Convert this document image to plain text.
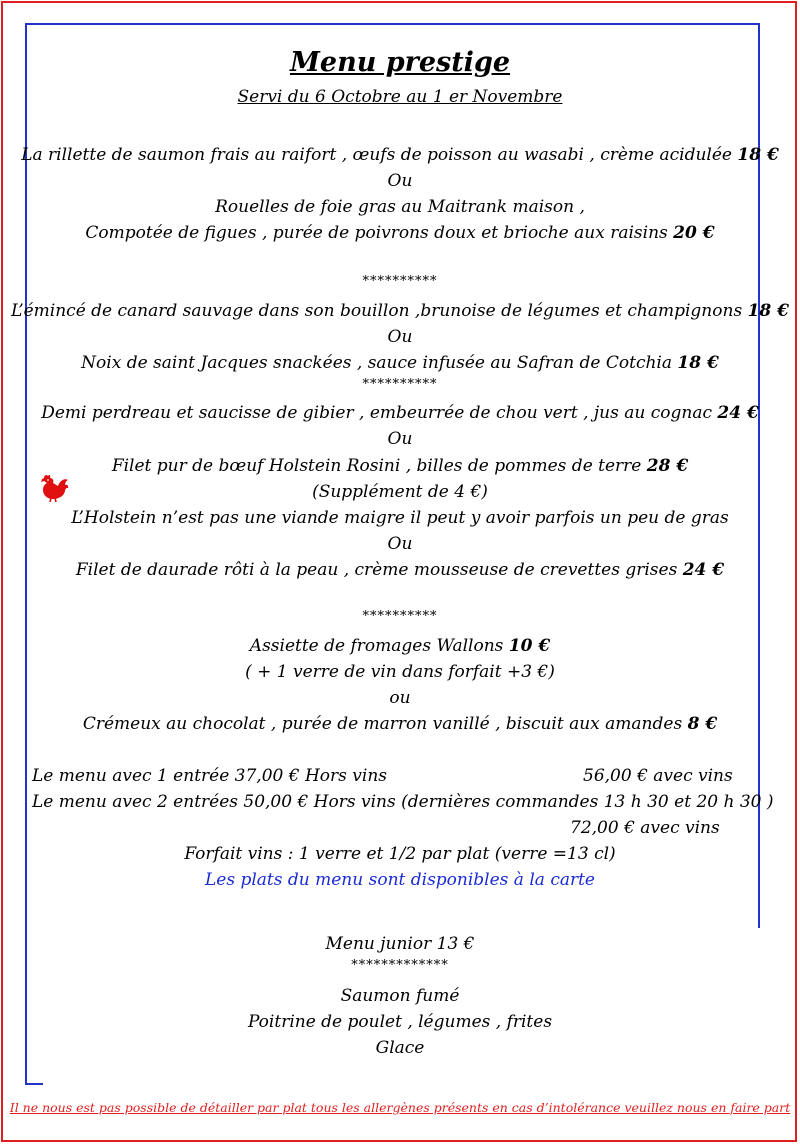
Menu prestige
Servi du 6 Octobre au 1 er Novembre
La rillette de saumon frais au raifort , œufs de poisson au wasabi , crème acidulée 18 €
Ou
Rouelles de foie gras au Maitrank maison ,
Compotée de figues , purée de poivrons doux et brioche aux raisins 20 €
**********
L’émincé de canard sauvage dans son bouillon ,brunoise de légumes et champignons 18 €
Ou
Noix de saint Jacques snackées , sauce infusée au Safran de Cotchia 18 €
**********
Demi perdreau et saucisse de gibier , embeurrée de chou vert , jus au cognac 24 €
Ou
Filet pur de bœuf Holstein Rosini , billes de pommes de terre 28 €
(Supplément de 4 €)
L’Holstein n’est pas une viande maigre il peut y avoir parfois un peu de gras
Ou
Filet de daurade rôti à la peau , crème mousseuse de crevettes grises 24 €
**********
Assiette de fromages Wallons 10 €
( + 1 verre de vin dans forfait +3 €)
ou
Crémeux au chocolat , purée de marron vanillé , biscuit aux amandes 8 €
Le menu avec 1 entrée 37,00 € Hors vins	56,00 € avec vins
Le menu avec 2 entrées 50,00 € Hors vins (dernières commandes 13 h 30 et 20 h 30 )
72,00 € avec vins
Forfait vins : 1 verre et 1/2 par plat (verre =13 cl)
Les plats du menu sont disponibles à la carte
Menu junior 13 €
*************
Saumon fumé
Poitrine de poulet , légumes , frites
Glace
Il ne nous est pas possible de détailler par plat tous les allergènes présents en cas d’intolérance veuillez nous en faire part
